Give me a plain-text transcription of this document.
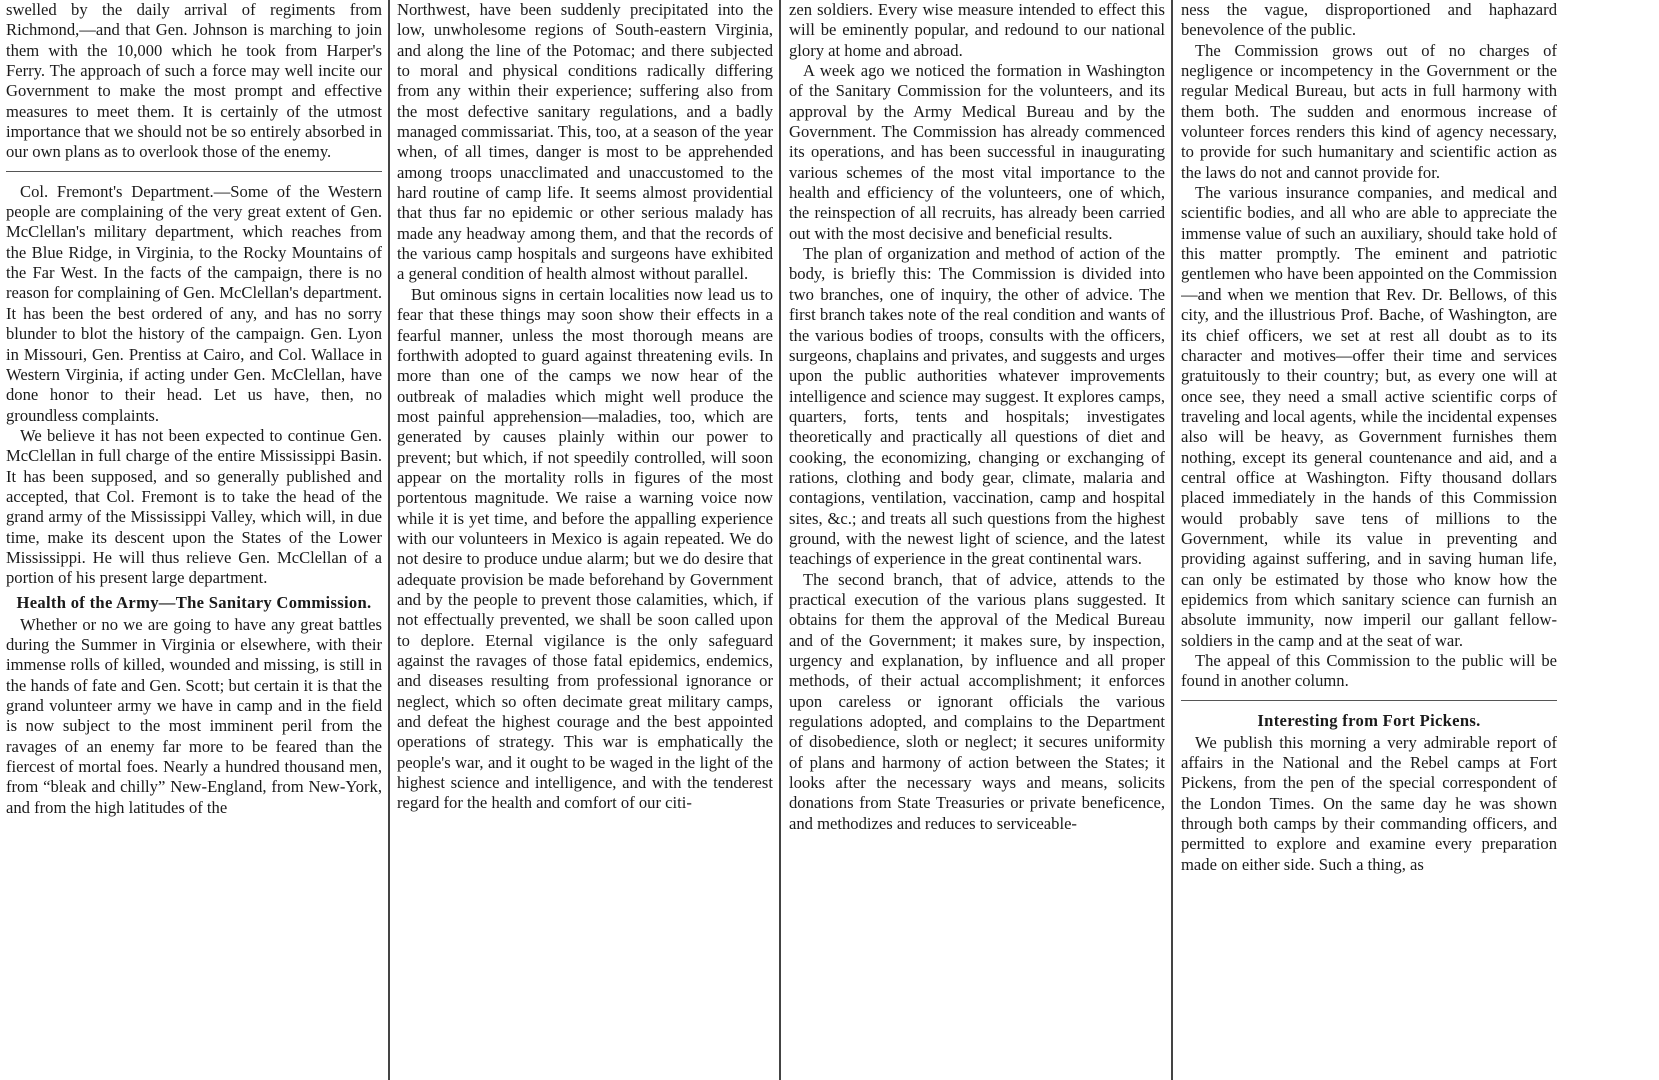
swelled by the daily arrival of regiments from Richmond,—and that Gen. Johnson is marching to join them with the 10,000 which he took from Harper's Ferry. The approach of such a force may well incite our Government to make the most prompt and effective measures to meet them. It is certainly of the utmost importance that we should not be so entirely absorbed in our own plans as to overlook those of the enemy.

Col. Fremont's Department.—Some of the Western people are complaining of the very great extent of Gen. McClellan's military department, which reaches from the Blue Ridge, in Virginia, to the Rocky Mountains of the Far West. In the facts of the campaign, there is no reason for complaining of Gen. McClellan's department. It has been the best ordered of any, and has no sorry blunder to blot the history of the campaign. Gen. Lyon in Missouri, Gen. Prentiss at Cairo, and Col. Wallace in Western Virginia, if acting under Gen. McClellan, have done honor to their head. Let us have, then, no groundless complaints.

We believe it has not been expected to continue Gen. McClellan in full charge of the entire Mississippi Basin. It has been supposed, and so generally published and accepted, that Col. Fremont is to take the head of the grand army of the Mississippi Valley, which will, in due time, make its descent upon the States of the Lower Mississippi. He will thus relieve Gen. McClellan of a portion of his present large department.

Health of the Army—The Sanitary Commission.

Whether or no we are going to have any great battles during the Summer in Virginia or elsewhere, with their immense rolls of killed, wounded and missing, is still in the hands of fate and Gen. Scott; but certain it is that the grand volunteer army we have in camp and in the field is now subject to the most imminent peril from the ravages of an enemy far more to be feared than the fiercest of mortal foes. Nearly a hundred thousand men, from “bleak and chilly” New-England, from New-York, and from the high latitudes of the

Northwest, have been suddenly precipitated into the low, unwholesome regions of South-eastern Virginia, and along the line of the Potomac; and there subjected to moral and physical conditions radically differing from any within their experience; suffering also from the most defective sanitary regulations, and a badly managed commissariat. This, too, at a season of the year when, of all times, danger is most to be apprehended among troops unacclimated and unaccustomed to the hard routine of camp life. It seems almost providential that thus far no epidemic or other serious malady has made any headway among them, and that the records of the various camp hospitals and surgeons have exhibited a general condition of health almost without parallel.

But ominous signs in certain localities now lead us to fear that these things may soon show their effects in a fearful manner, unless the most thorough means are forthwith adopted to guard against threatening evils. In more than one of the camps we now hear of the outbreak of maladies which might well produce the most painful apprehension—maladies, too, which are generated by causes plainly within our power to prevent; but which, if not speedily controlled, will soon appear on the mortality rolls in figures of the most portentous magnitude. We raise a warning voice now while it is yet time, and before the appalling experience with our volunteers in Mexico is again repeated. We do not desire to produce undue alarm; but we do desire that adequate provision be made beforehand by Government and by the people to prevent those calamities, which, if not effectually prevented, we shall be soon called upon to deplore. Eternal vigilance is the only safeguard against the ravages of those fatal epidemics, endemics, and diseases resulting from professional ignorance or neglect, which so often decimate great military camps, and defeat the highest courage and the best appointed operations of strategy. This war is emphatically the people's war, and it ought to be waged in the light of the highest science and intelligence, and with the tenderest regard for the health and comfort of our citi-

zen soldiers. Every wise measure intended to effect this will be eminently popular, and redound to our national glory at home and abroad.

A week ago we noticed the formation in Washington of the Sanitary Commission for the volunteers, and its approval by the Army Medical Bureau and by the Government. The Commission has already commenced its operations, and has been successful in inaugurating various schemes of the most vital importance to the health and efficiency of the volunteers, one of which, the reinspection of all recruits, has already been carried out with the most decisive and beneficial results.

The plan of organization and method of action of the body, is briefly this: The Commission is divided into two branches, one of inquiry, the other of advice. The first branch takes note of the real condition and wants of the various bodies of troops, consults with the officers, surgeons, chaplains and privates, and suggests and urges upon the public authorities whatever improvements intelligence and science may suggest. It explores camps, quarters, forts, tents and hospitals; investigates theoretically and practically all questions of diet and cooking, the economizing, changing or exchanging of rations, clothing and body gear, climate, malaria and contagions, ventilation, vaccination, camp and hospital sites, &c.; and treats all such questions from the highest ground, with the newest light of science, and the latest teachings of experience in the great continental wars.

The second branch, that of advice, attends to the practical execution of the various plans suggested. It obtains for them the approval of the Medical Bureau and of the Government; it makes sure, by inspection, urgency and explanation, by influence and all proper methods, of their actual accomplishment; it enforces upon careless or ignorant officials the various regulations adopted, and complains to the Department of disobedience, sloth or neglect; it secures uniformity of plans and harmony of action between the States; it looks after the necessary ways and means, solicits donations from State Treasuries or private beneficence, and methodizes and reduces to serviceable-

ness the vague, disproportioned and haphazard benevolence of the public.

The Commission grows out of no charges of negligence or incompetency in the Government or the regular Medical Bureau, but acts in full harmony with them both. The sudden and enormous increase of volunteer forces renders this kind of agency necessary, to provide for such humanitary and scientific action as the laws do not and cannot provide for.

The various insurance companies, and medical and scientific bodies, and all who are able to appreciate the immense value of such an auxiliary, should take hold of this matter promptly. The eminent and patriotic gentlemen who have been appointed on the Commission—and when we mention that Rev. Dr. Bellows, of this city, and the illustrious Prof. Bache, of Washington, are its chief officers, we set at rest all doubt as to its character and motives—offer their time and services gratuitously to their country; but, as every one will at once see, they need a small active scientific corps of traveling and local agents, while the incidental expenses also will be heavy, as Government furnishes them nothing, except its general countenance and aid, and a central office at Washington. Fifty thousand dollars placed immediately in the hands of this Commission would probably save tens of millions to the Government, while its value in preventing and providing against suffering, and in saving human life, can only be estimated by those who know how the epidemics from which sanitary science can furnish an absolute immunity, now imperil our gallant fellow-soldiers in the camp and at the seat of war.

The appeal of this Commission to the public will be found in another column.

Interesting from Fort Pickens.

We publish this morning a very admirable report of affairs in the National and the Rebel camps at Fort Pickens, from the pen of the special correspondent of the London Times. On the same day he was shown through both camps by their commanding officers, and permitted to explore and examine every preparation made on either side. Such a thing, as
